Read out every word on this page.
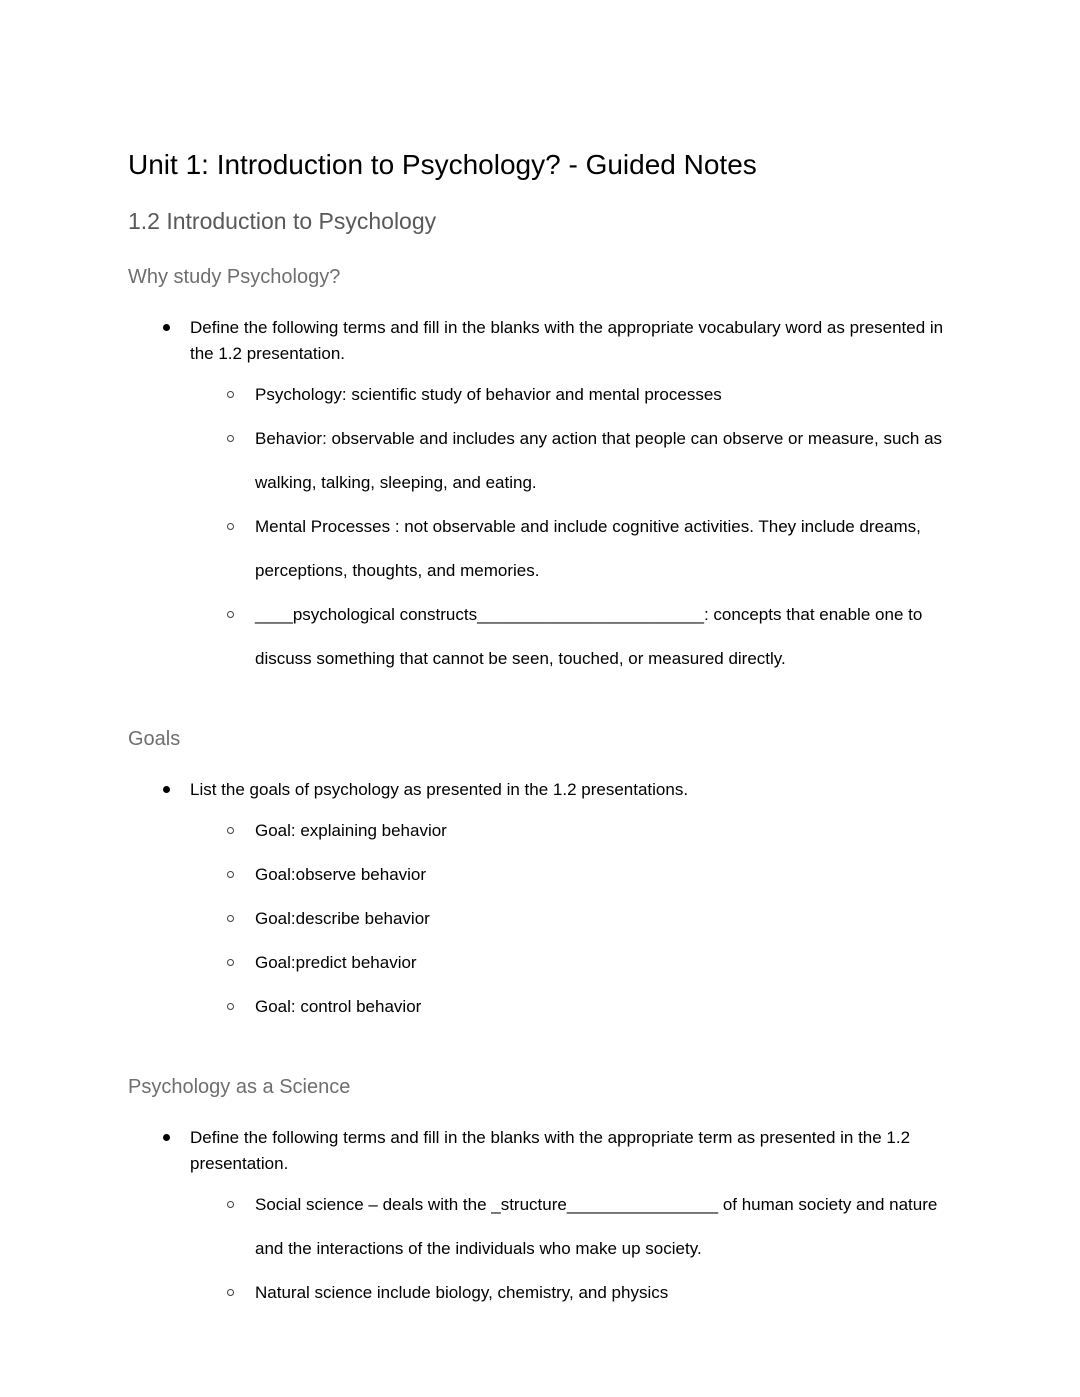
Unit 1: Introduction to Psychology? - Guided Notes
1.2 Introduction to Psychology
Why study Psychology?
Define the following terms and fill in the blanks with the appropriate vocabulary word as presented in the 1.2 presentation.
Psychology: scientific study of behavior and mental processes
Behavior: observable and includes any action that people can observe or measure, such as walking, talking, sleeping, and eating.
Mental Processes : not observable and include cognitive activities. They include dreams, perceptions, thoughts, and memories.
____psychological constructs________________________: concepts that enable one to discuss something that cannot be seen, touched, or measured directly.
Goals
List the goals of psychology as presented in the 1.2 presentations.
Goal: explaining behavior
Goal:observe behavior
Goal:describe behavior
Goal:predict behavior
Goal: control behavior
Psychology as a Science
Define the following terms and fill in the blanks with the appropriate term as presented in the 1.2 presentation.
Social science – deals with the _structure________________ of human society and nature and the interactions of the individuals who make up society.
Natural science include biology, chemistry, and physics
